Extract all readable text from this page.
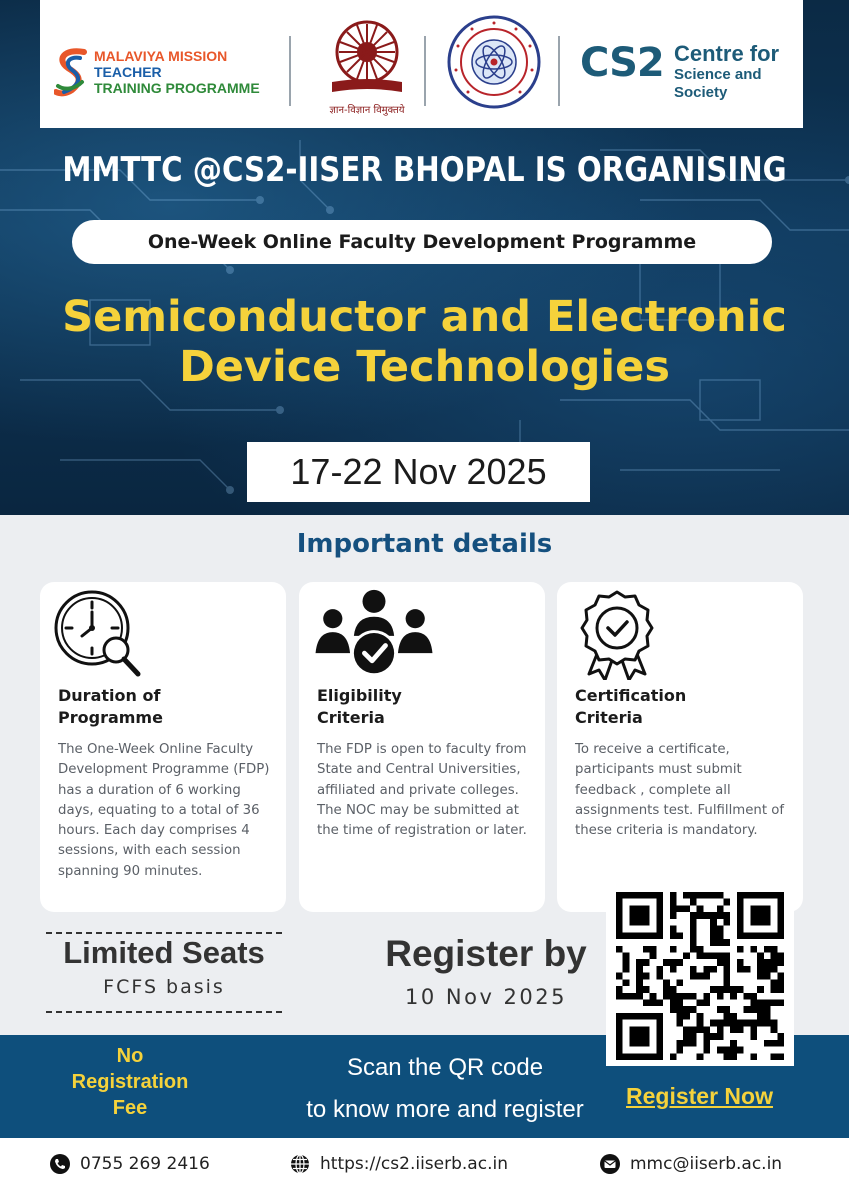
MALAVIYA MISSION
TEACHER
TRAINING PROGRAMME
ज्ञान-विज्ञान विमुक्तये
CS2 Centre for
Science and Society
MMTTC @CS2-IISER BHOPAL IS ORGANISING
One-Week Online Faculty Development Programme
Semiconductor and Electronic
Device Technologies
17-22 Nov 2025
Important details
Duration of
Programme
The One-Week Online Faculty Development Programme (FDP) has a duration of 6 working days, equating to a total of 36 hours. Each day comprises 4 sessions, with each session spanning 90 minutes.
Eligibility
Criteria
The FDP is open to faculty from State and Central Universities, affiliated and private colleges. The NOC may be submitted at the time of registration or later.
Certification
Criteria
To receive a certificate, participants must submit feedback , complete all assignments test. Fulfillment of these criteria is mandatory.
Limited Seats
FCFS basis
Register by
10 Nov 2025
No
Registration
Fee
Scan the QR code
to know more and register	Register Now
0755 269 2416	https://cs2.iiserb.ac.in	mmc@iiserb.ac.in
